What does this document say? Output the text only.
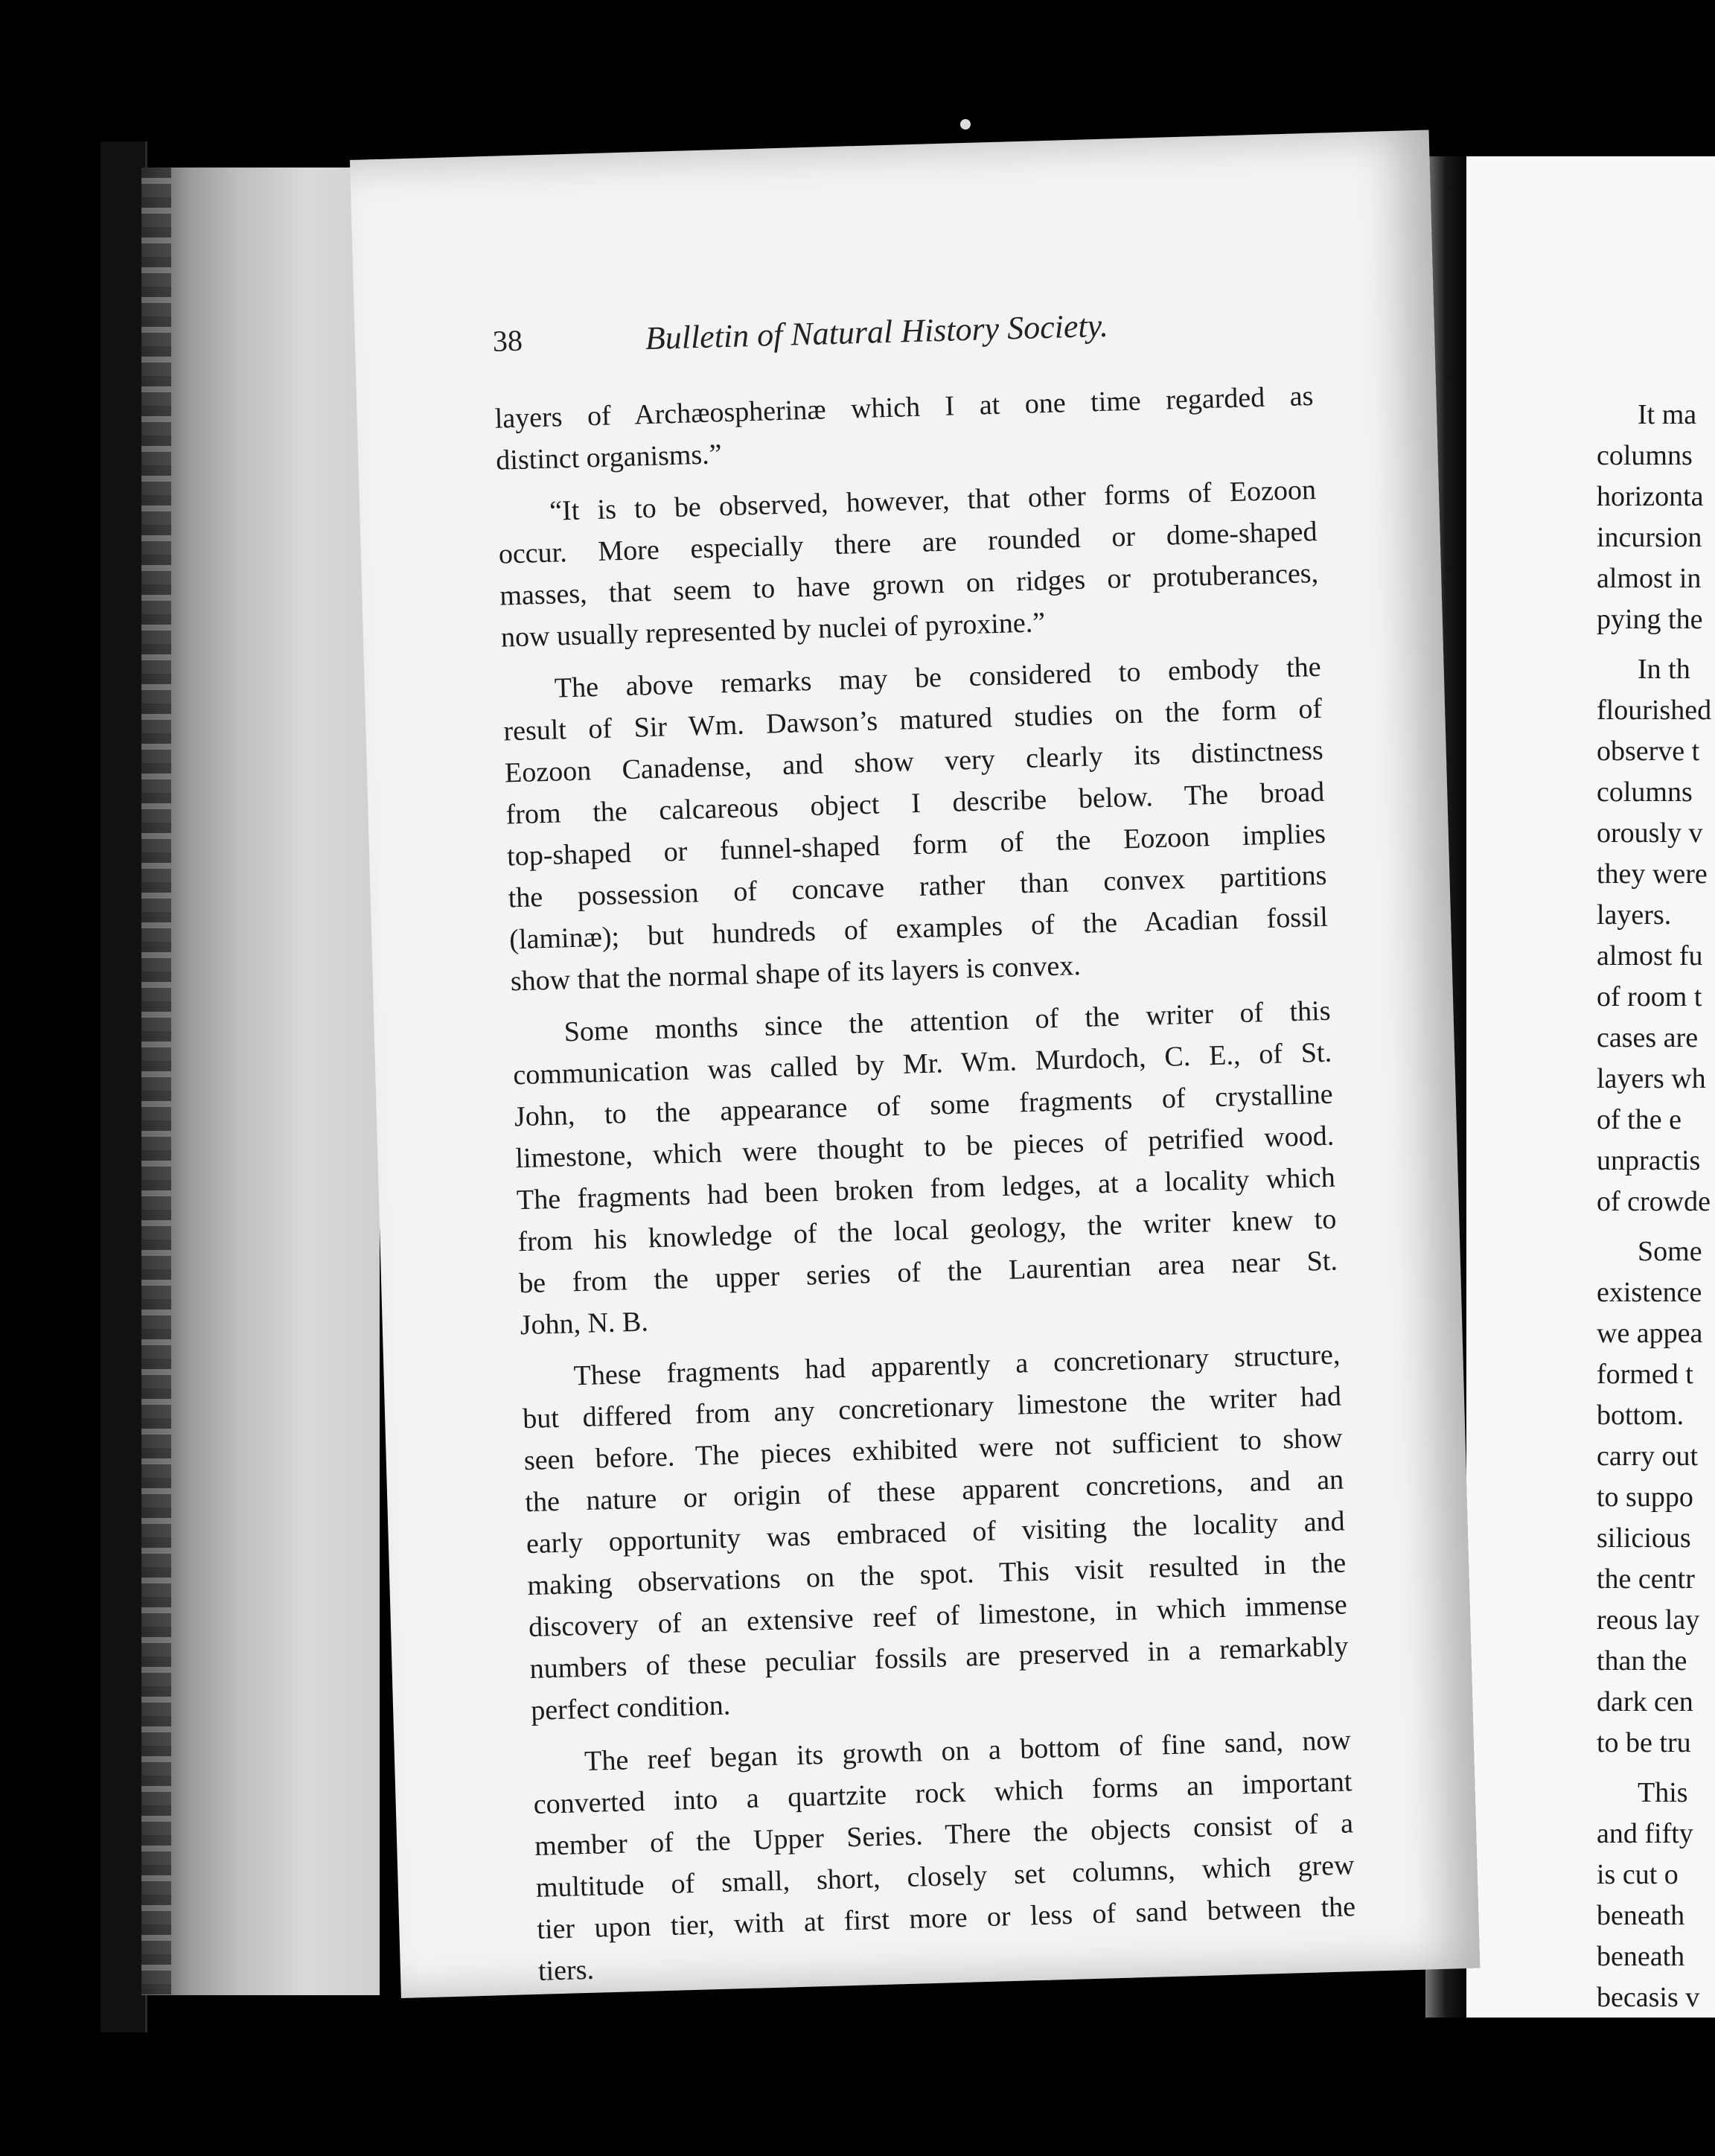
It ma
columns
horizonta
incursion
almost in
pying the
In th
flourished
observe t
columns
orously v
they were
layers.
almost fu
of room t
cases are
layers wh
of the e
unpractis
of crowde
Some
existence
we appea
formed t
bottom.
carry out
to suppo
silicious
the centr
reous lay
than the
dark cen
to be tru
This
and fifty
is cut o
beneath
beneath
becasis v
38	Bulletin of Natural History Society.
layers of Archæospherinæ which I at one time regarded as
distinct organisms.”
“It is to be observed, however, that other forms of Eozoon
occur. More especially there are rounded or dome-shaped
masses, that seem to have grown on ridges or protuberances,
now usually represented by nuclei of pyroxine.”
The above remarks may be considered to embody the
result of Sir Wm. Dawson’s matured studies on the form of
Eozoon Canadense, and show very clearly its distinctness
from the calcareous object I describe below. The broad
top-shaped or funnel-shaped form of the Eozoon implies
the possession of concave rather than convex partitions
(laminæ); but hundreds of examples of the Acadian fossil
show that the normal shape of its layers is convex.
Some months since the attention of the writer of this
communication was called by Mr. Wm. Murdoch, C. E., of St.
John, to the appearance of some fragments of crystalline
limestone, which were thought to be pieces of petrified wood.
The fragments had been broken from ledges, at a locality which
from his knowledge of the local geology, the writer knew to
be from the upper series of the Laurentian area near St.
John, N. B.
These fragments had apparently a concretionary structure,
but differed from any concretionary limestone the writer had
seen before. The pieces exhibited were not sufficient to show
the nature or origin of these apparent concretions, and an
early opportunity was embraced of visiting the locality and
making observations on the spot. This visit resulted in the
discovery of an extensive reef of limestone, in which immense
numbers of these peculiar fossils are preserved in a remarkably
perfect condition.
The reef began its growth on a bottom of fine sand, now
converted into a quartzite rock which forms an important
member of the Upper Series. There the objects consist of a
multitude of small, short, closely set columns, which grew
tier upon tier, with at first more or less of sand between the
tiers.
